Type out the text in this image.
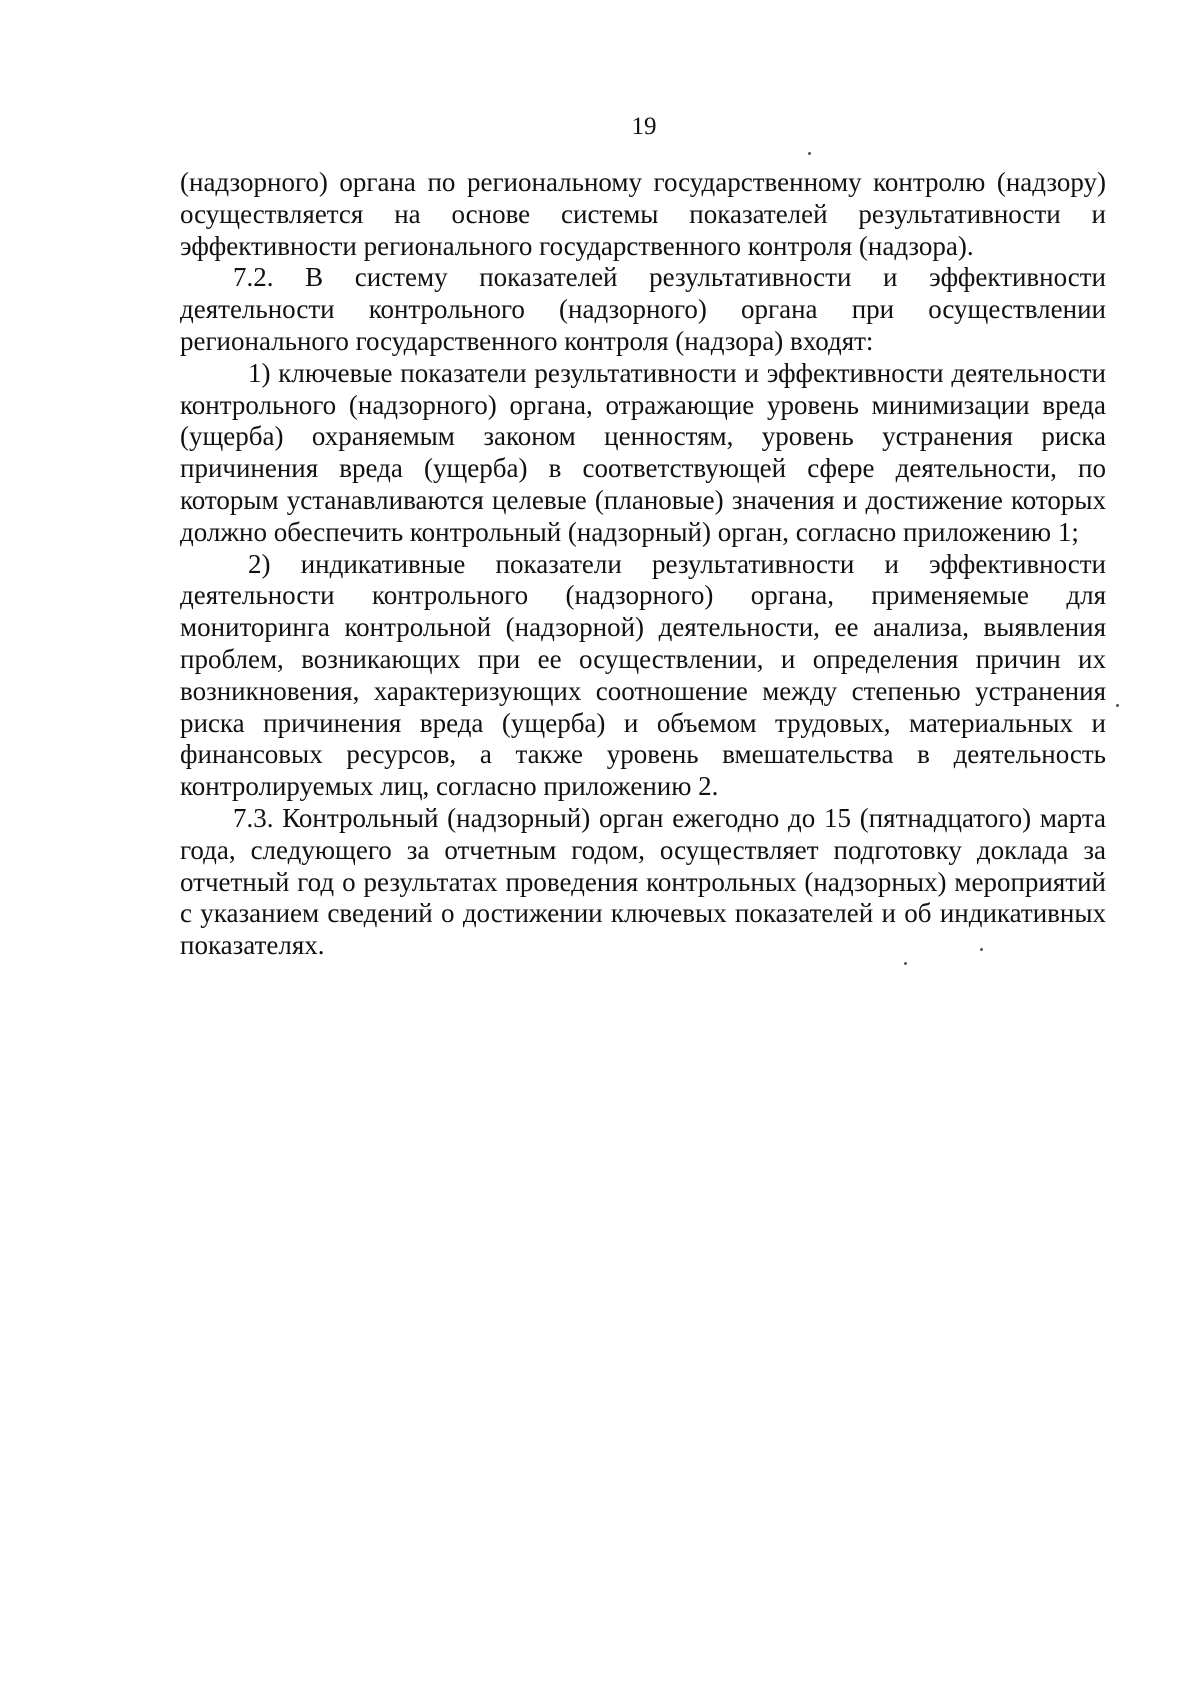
19

(надзорного) органа по региональному государственному контролю (надзору) осуществляется на основе системы показателей результативности и эффективности регионального государственного контроля (надзора).

7.2. В систему показателей результативности и эффективности деятельности контрольного (надзорного) органа при осуществлении регионального государственного контроля (надзора) входят:

1) ключевые показатели результативности и эффективности деятельности контрольного (надзорного) органа, отражающие уровень минимизации вреда (ущерба) охраняемым законом ценностям, уровень устранения риска причинения вреда (ущерба) в соответствующей сфере деятельности, по которым устанавливаются целевые (плановые) значения и достижение которых должно обеспечить контрольный (надзорный) орган, согласно приложению 1;

2) индикативные показатели результативности и эффективности деятельности контрольного (надзорного) органа, применяемые для мониторинга контрольной (надзорной) деятельности, ее анализа, выявления проблем, возникающих при ее осуществлении, и определения причин их возникновения, характеризующих соотношение между степенью устранения риска причинения вреда (ущерба) и объемом трудовых, материальных и финансовых ресурсов, а также уровень вмешательства в деятельность контролируемых лиц, согласно приложению 2.

7.3. Контрольный (надзорный) орган ежегодно до 15 (пятнадцатого) марта года, следующего за отчетным годом, осуществляет подготовку доклада за отчетный год о результатах проведения контрольных (надзорных) мероприятий с указанием сведений о достижении ключевых показателей и об индикативных показателях.
